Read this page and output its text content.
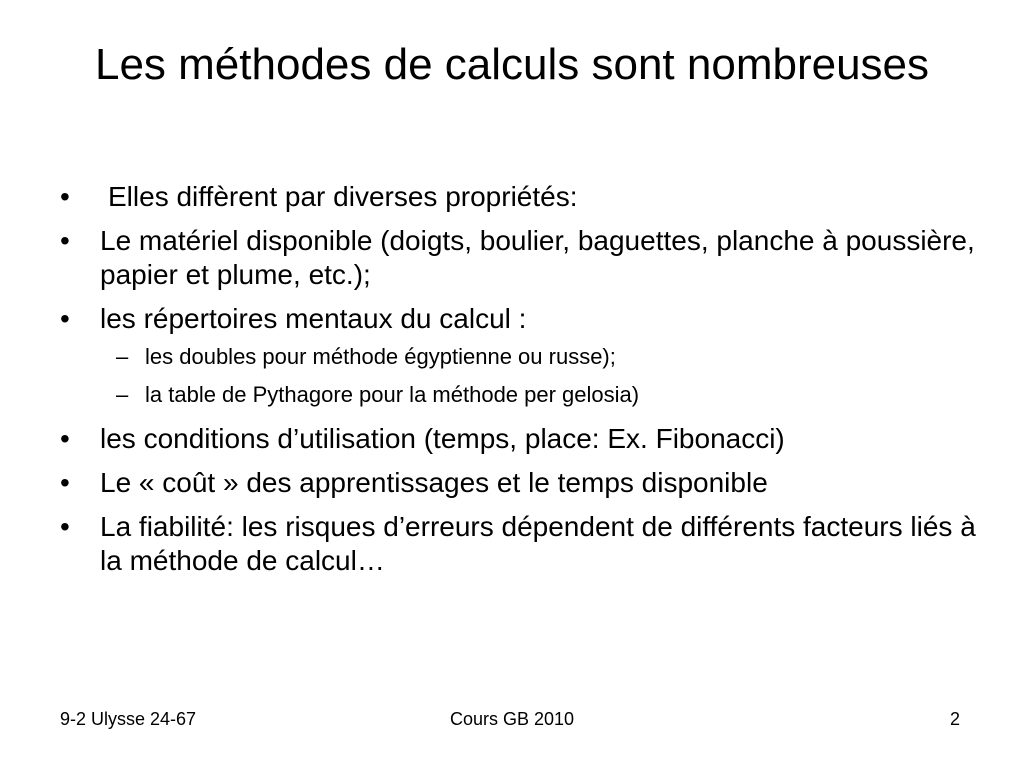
Les méthodes de calculs sont nombreuses
•	Elles diffèrent par diverses propriétés:
•	Le matériel disponible (doigts, boulier, baguettes, planche à poussière, papier et plume, etc.);
•	les répertoires mentaux du calcul :
– les doubles pour méthode égyptienne ou russe);
– la table de Pythagore pour la méthode per gelosia)
•	les conditions d’utilisation (temps, place: Ex. Fibonacci)
•	Le « coût » des apprentissages et le temps disponible
•	La fiabilité: les risques d’erreurs dépendent de différents facteurs liés à la méthode de calcul…
9-2 Ulysse 24-67	Cours GB 2010	2
